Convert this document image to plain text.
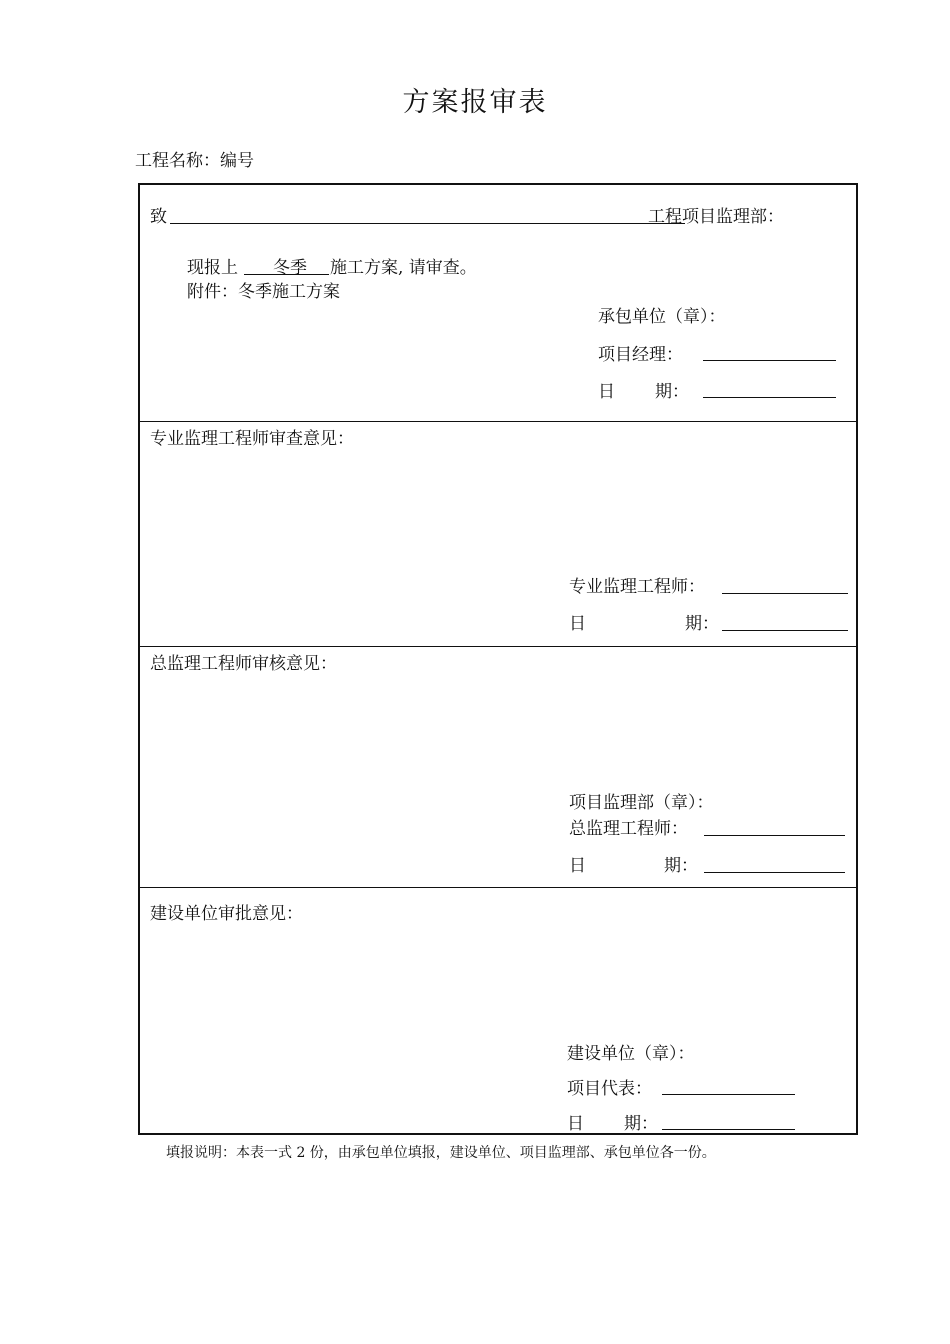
方案报审表
工程名称：编号
致	工程项目监理部：
现报上 冬季 施工方案, 请审查。
附件：冬季施工方案
承包单位（章）：
项目经理：
日 期：
专业监理工程师审查意见：
专业监理工程师：
日	期：
总监理工程师审核意见：
项目监理部（章）：
总监理工程师：
日	期：
建设单位审批意见：
建设单位（章）：
项目代表：
日 期：
填报说明：本表一式 2 份，由承包单位填报，建设单位、项目监理部、承包单位各一份。
